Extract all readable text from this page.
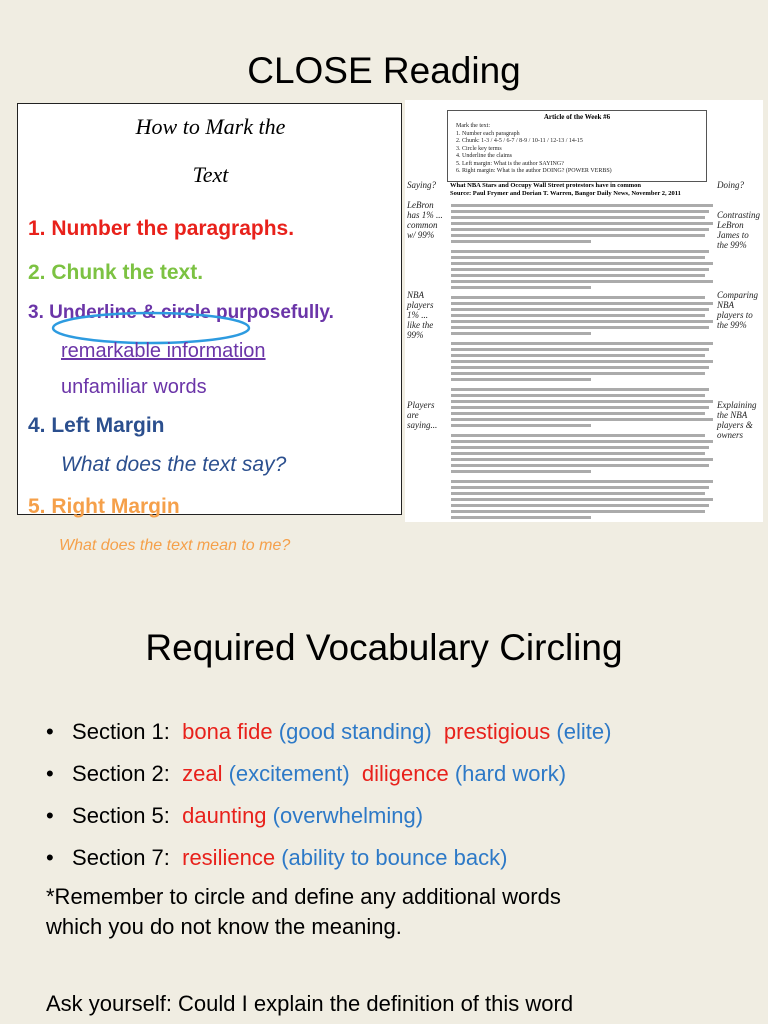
CLOSE Reading
How to Mark the
Text
1. Number the paragraphs.
2. Chunk the text.
3. Underline & circle purposefully.
remarkable information
unfamiliar words
4. Left Margin
What does the text say?
5. Right Margin
What does the text mean to me?
Article of the Week #6
Mark the text:
1. Number each paragraph
2. Chunk: 1-3 / 4-5 / 6-7 / 8-9 / 10-11 / 12-13 / 14-15
3. Circle key terms
4. Underline the claims
5. Left margin: What is the author SAYING?
6. Right margin: What is the author DOING? (POWER VERBS)
What NBA Stars and Occupy Wall Street protestors have in common
Source: Paul Frymer and Dorian T. Warren, Bangor Daily News, November 2, 2011
Saying?
LeBron has 1% ... common w/ 99%
NBA players 1% ... like the 99%
Players are saying...
Doing?
Contrasting LeBron James to the 99%
Comparing NBA players to the 99%
Explaining the NBA players & owners
Required Vocabulary Circling
• Section 1: bona fide (good standing) prestigious (elite)
• Section 2: zeal (excitement) diligence (hard work)
• Section 5: daunting (overwhelming)
• Section 7: resilience (ability to bounce back)
*Remember to circle and define any additional words
which you do not know the meaning.
Ask yourself: Could I explain the definition of this word
